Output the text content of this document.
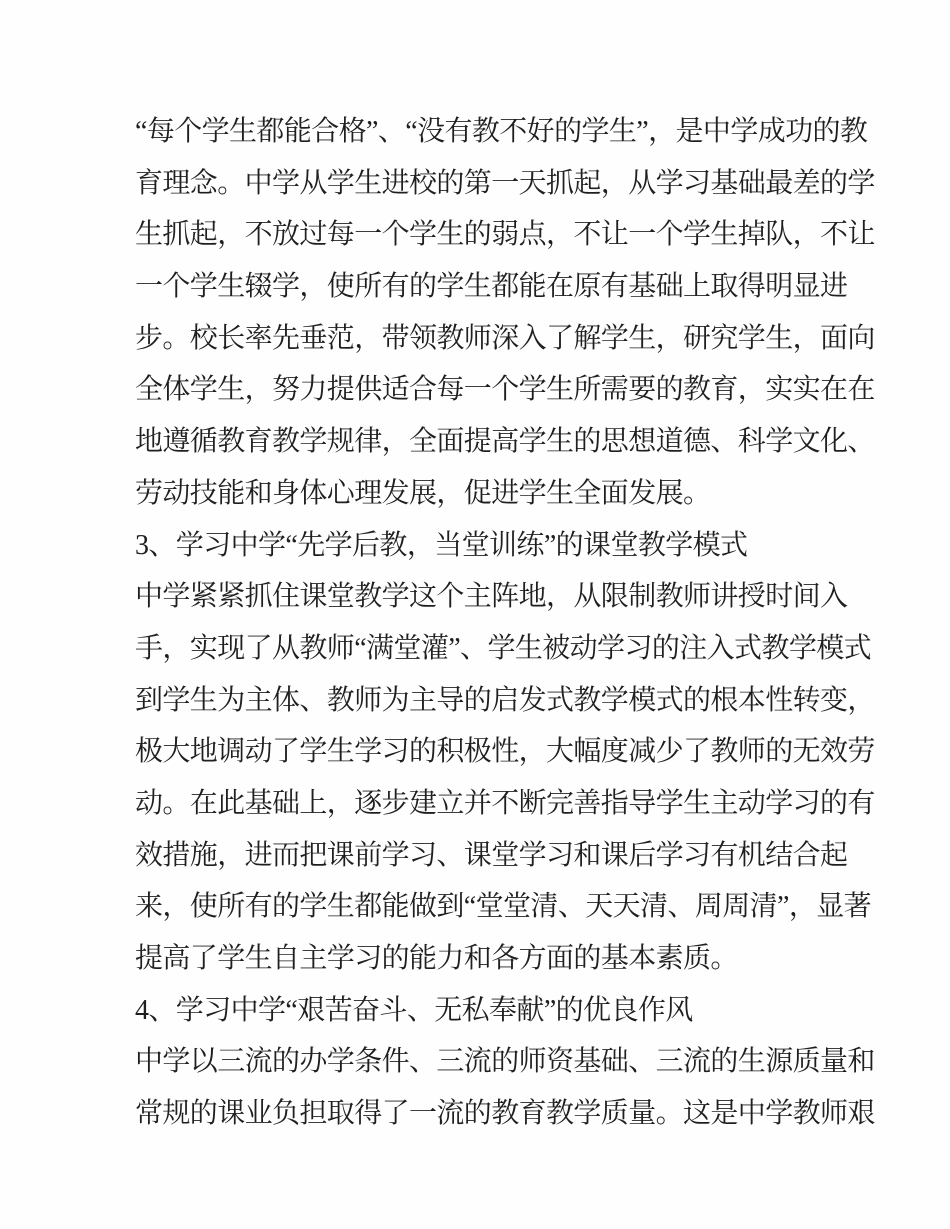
“每个学生都能合格”、“没有教不好的学生”，是中学成功的教
育理念。中学从学生进校的第一天抓起，从学习基础最差的学
生抓起，不放过每一个学生的弱点，不让一个学生掉队，不让
一个学生辍学，使所有的学生都能在原有基础上取得明显进
步。校长率先垂范，带领教师深入了解学生，研究学生，面向
全体学生，努力提供适合每一个学生所需要的教育，实实在在
地遵循教育教学规律，全面提高学生的思想道德、科学文化、
劳动技能和身体心理发展，促进学生全面发展。
3、学习中学“先学后教，当堂训练”的课堂教学模式
中学紧紧抓住课堂教学这个主阵地，从限制教师讲授时间入
手，实现了从教师“满堂灌”、学生被动学习的注入式教学模式
到学生为主体、教师为主导的启发式教学模式的根本性转变，
极大地调动了学生学习的积极性，大幅度减少了教师的无效劳
动。在此基础上，逐步建立并不断完善指导学生主动学习的有
效措施，进而把课前学习、课堂学习和课后学习有机结合起
来，使所有的学生都能做到“堂堂清、天天清、周周清”，显著
提高了学生自主学习的能力和各方面的基本素质。
4、学习中学“艰苦奋斗、无私奉献”的优良作风
中学以三流的办学条件、三流的师资基础、三流的生源质量和
常规的课业负担取得了一流的教育教学质量。这是中学教师艰
